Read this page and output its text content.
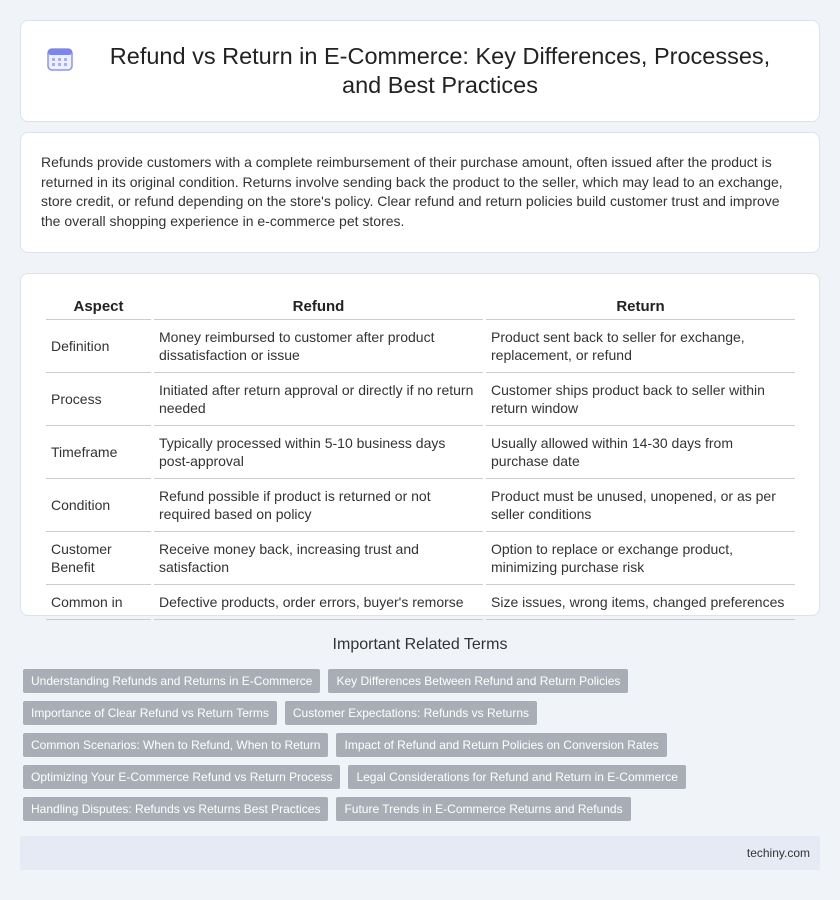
Refund vs Return in E-Commerce: Key Differences, Processes, and Best Practices

Refunds provide customers with a complete reimbursement of their purchase amount, often issued after the product is returned in its original condition. Returns involve sending back the product to the seller, which may lead to an exchange, store credit, or refund depending on the store's policy. Clear refund and return policies build customer trust and improve the overall shopping experience in e-commerce pet stores.

Aspect	Refund	Return
Definition	Money reimbursed to customer after product dissatisfaction or issue	Product sent back to seller for exchange, replacement, or refund
Process	Initiated after return approval or directly if no return needed	Customer ships product back to seller within return window
Timeframe	Typically processed within 5-10 business days post-approval	Usually allowed within 14-30 days from purchase date
Condition	Refund possible if product is returned or not required based on policy	Product must be unused, unopened, or as per seller conditions
Customer Benefit	Receive money back, increasing trust and satisfaction	Option to replace or exchange product, minimizing purchase risk
Common in	Defective products, order errors, buyer's remorse	Size issues, wrong items, changed preferences
Important Related Terms
Understanding Refunds and Returns in E-Commerce	Key Differences Between Refund and Return Policies
Importance of Clear Refund vs Return Terms	Customer Expectations: Refunds vs Returns
Common Scenarios: When to Refund, When to Return	Impact of Refund and Return Policies on Conversion Rates
Optimizing Your E-Commerce Refund vs Return Process	Legal Considerations for Refund and Return in E-Commerce
Handling Disputes: Refunds vs Returns Best Practices	Future Trends in E-Commerce Returns and Refunds
techiny.com
